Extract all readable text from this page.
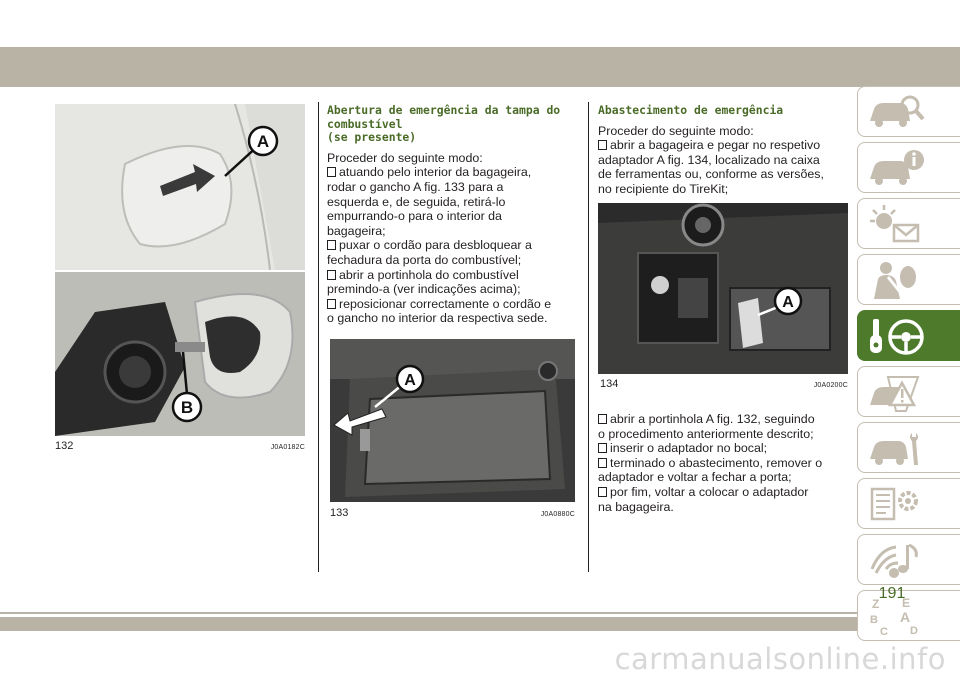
A
B
132	J0A0182C
Abertura de emergência da tampa do
combustível
(se presente)
Proceder do seguinte modo:
atuando pelo interior da bagageira,
rodar o gancho A fig. 133 para a
esquerda e, de seguida, retirá-lo
empurrando-o para o interior da
bagageira;
puxar o cordão para desbloquear a
fechadura da porta do combustível;
abrir a portinhola do combustível
premindo-a (ver indicações acima);
reposicionar correctamente o cordão e
o gancho no interior da respectiva sede.
A
133	J0A0880C
Abastecimento de emergência
Proceder do seguinte modo:
abrir a bagageira e pegar no respetivo
adaptador A fig. 134, localizado na caixa
de ferramentas ou, conforme as versões,
no recipiente do TireKit;
A
134	J0A0200C
abrir a portinhola A fig. 132, seguindo
o procedimento anteriormente descrito;
inserir o adaptador no bocal;
terminado o abastecimento, remover o
adaptador e voltar a fechar a porta;
por fim, voltar a colocar o adaptador
na bagageira.
Z E
A
B
C D
191
carmanualsonline.info
